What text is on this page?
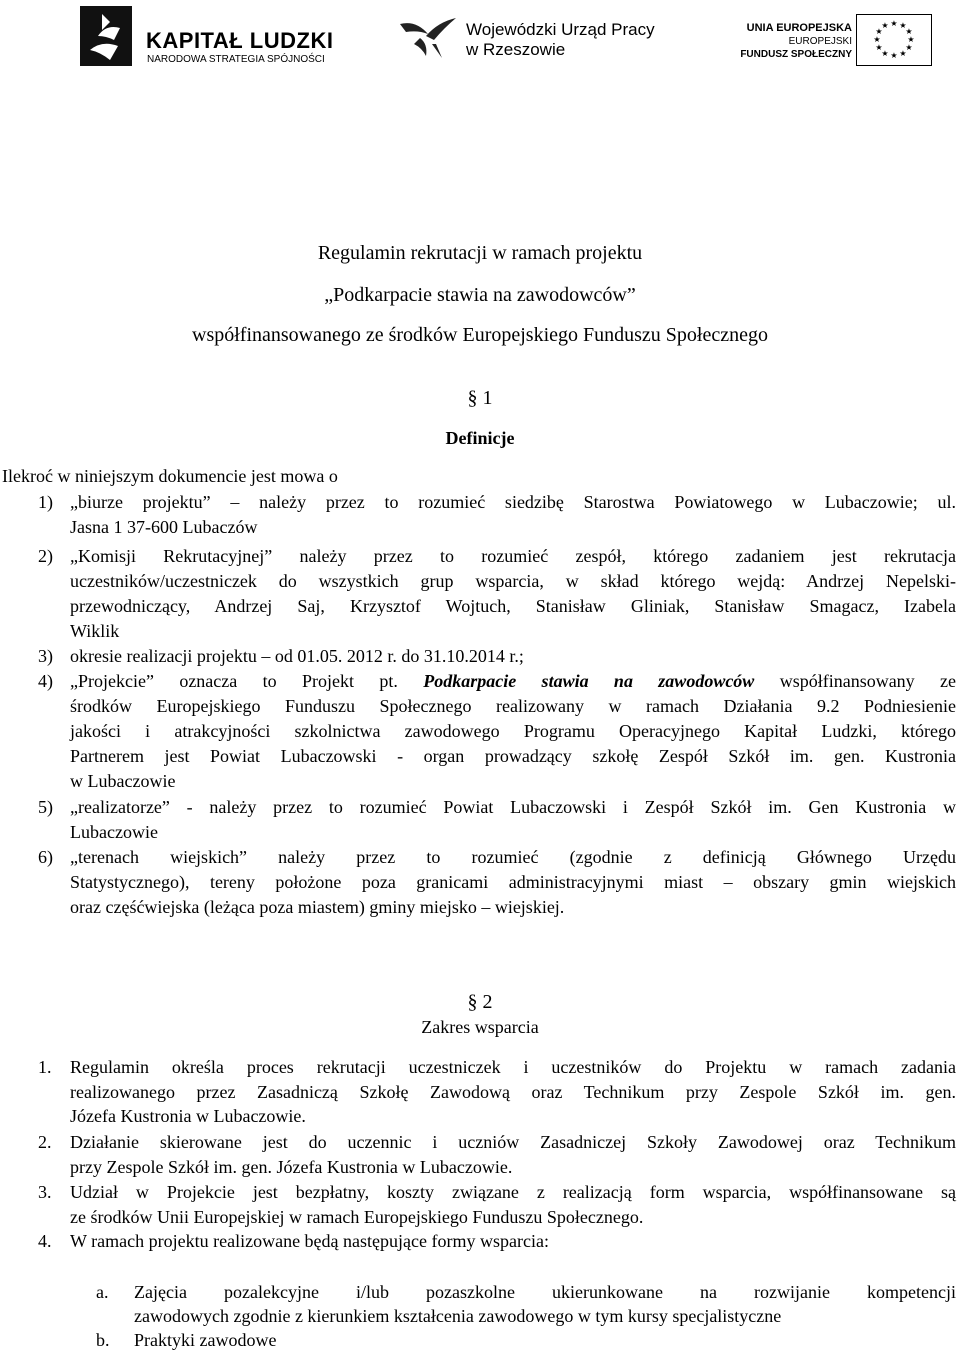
KAPITAŁ LUDZKI
NARODOWA STRATEGIA SPÓJNOŚCI
Wojewódzki Urząd Pracy
w Rzeszowie
UNIA EUROPEJSKA
EUROPEJSKI
FUNDUSZ SPOŁECZNY
★ ★
★
★
★
★
★
★
★
★
★
★
Regulamin rekrutacji w ramach projektu
„Podkarpacie stawia na zawodowców”
współfinansowanego ze środków Europejskiego Funduszu Społecznego
§ 1
Definicje
Ilekroć w niniejszym dokumencie jest mowa o
1) „biurze projektu” – należy przez to rozumieć siedzibę Starostwa Powiatowego w Lubaczowie; ul.
Jasna 1 37-600 Lubaczów
2) „Komisji Rekrutacyjnej” należy przez to rozumieć zespół, którego zadaniem jest rekrutacja
uczestników/uczestniczek do wszystkich grup wsparcia, w skład którego wejdą: Andrzej Nepelski-
przewodniczący, Andrzej Saj, Krzysztof Wojtuch, Stanisław Gliniak, Stanisław Smagacz, Izabela
Wiklik
3) okresie realizacji projektu – od 01.05. 2012 r. do 31.10.2014 r.;
4) „Projekcie” oznacza to Projekt pt. Podkarpacie stawia na zawodowców współfinansowany ze
środków Europejskiego Funduszu Społecznego realizowany w ramach Działania 9.2 Podniesienie
jakości i atrakcyjności szkolnictwa zawodowego Programu Operacyjnego Kapitał Ludzki, którego
Partnerem jest Powiat Lubaczowski - organ prowadzący szkołę Zespół Szkół im. gen. Kustronia
w Lubaczowie
5) „realizatorze” - należy przez to rozumieć Powiat Lubaczowski i Zespół Szkół im. Gen Kustronia w
Lubaczowie
6) „terenach wiejskich” należy przez to rozumieć (zgodnie z definicją Głównego Urzędu
Statystycznego), tereny położone poza granicami administracyjnymi miast – obszary gmin wiejskich
oraz częśćwiejska (leżąca poza miastem) gminy miejsko – wiejskiej.
§ 2
Zakres wsparcia
1. Regulamin określa proces rekrutacji uczestniczek i uczestników do Projektu w ramach zadania
realizowanego przez Zasadniczą Szkołę Zawodową oraz Technikum przy Zespole Szkół im. gen.
Józefa Kustronia w Lubaczowie.
2. Działanie skierowane jest do uczennic i uczniów Zasadniczej Szkoły Zawodowej oraz Technikum
przy Zespole Szkół im. gen. Józefa Kustronia w Lubaczowie.
3. Udział w Projekcie jest bezpłatny, koszty związane z realizacją form wsparcia, współfinansowane są
ze środków Unii Europejskiej w ramach Europejskiego Funduszu Społecznego.
4. W ramach projektu realizowane będą następujące formy wsparcia:
a. Zajęcia pozalekcyjne i/lub pozaszkolne ukierunkowane na rozwijanie kompetencji
zawodowych zgodnie z kierunkiem kształcenia zawodowego w tym kursy specjalistyczne
b. Praktyki zawodowe
